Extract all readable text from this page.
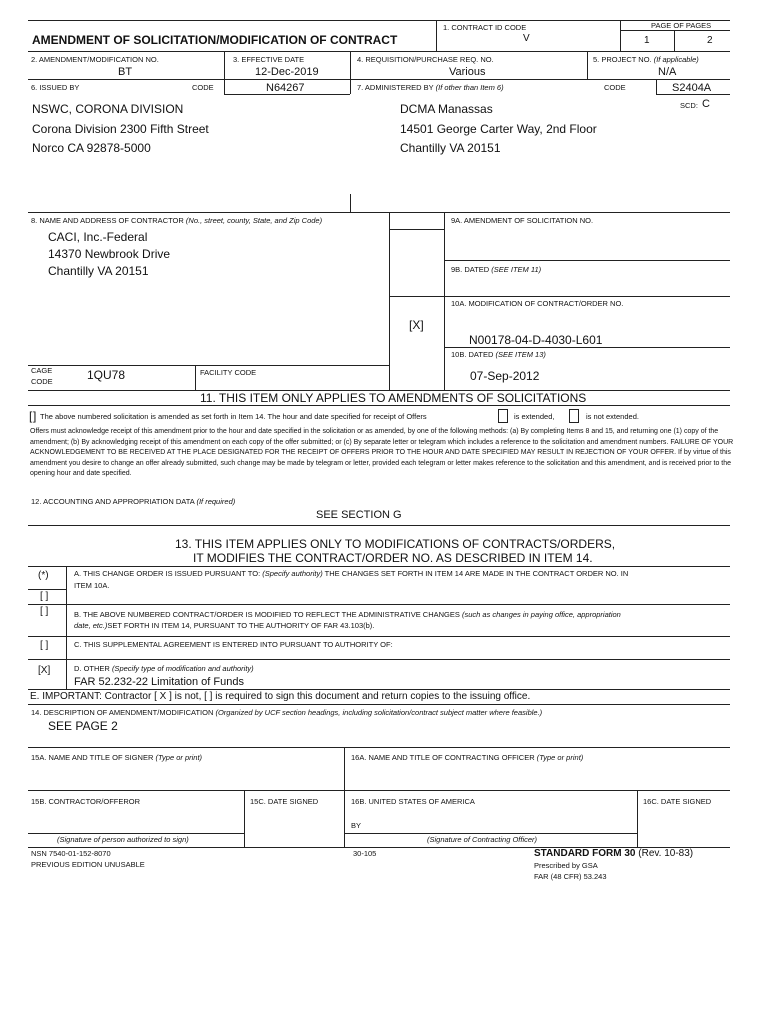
AMENDMENT OF SOLICITATION/MODIFICATION OF CONTRACT
1. CONTRACT ID CODE
V
PAGE OF PAGES
1	2
2. AMENDMENT/MODIFICATION NO.
BT
3. EFFECTIVE DATE
12-Dec-2019
4. REQUISITION/PURCHASE REQ. NO.
Various
5. PROJECT NO. (If applicable)
N/A
6. ISSUED BY	CODE	N64267	7. ADMINISTERED BY (If other than Item 6)	CODE	S2404A
SCD: C
NSWC, CORONA DIVISION
Corona Division 2300 Fifth Street
Norco CA 92878-5000
DCMA Manassas
14501 George Carter Way, 2nd Floor
Chantilly VA 20151
8. NAME AND ADDRESS OF CONTRACTOR (No., street, county, State, and Zip Code)
CACI, Inc.-Federal
14370 Newbrook Drive
Chantilly VA 20151
9A. AMENDMENT OF SOLICITATION NO.
9B. DATED (SEE ITEM 11)
10A. MODIFICATION OF CONTRACT/ORDER NO.
[X]
N00178-04-D-4030-L601
10B. DATED (SEE ITEM 13)
07-Sep-2012
CAGE
CODE	1QU78	FACILITY CODE
11. THIS ITEM ONLY APPLIES TO AMENDMENTS OF SOLICITATIONS
[ ] The above numbered solicitation is amended as set forth in Item 14. The hour and date specified for receipt of Offers	is extended,	is not extended.
Offers must acknowledge receipt of this amendment prior to the hour and date specified in the solicitation or as amended, by one of the following methods: (a) By completing Items 8 and 15, and returning one (1) copy of the amendment; (b) By acknowledging receipt of this amendment on each copy of the offer submitted; or (c) By separate letter or telegram which includes a reference to the solicitation and amendment numbers. FAILURE OF YOUR ACKNOWLEDGEMENT TO BE RECEIVED AT THE PLACE DESIGNATED FOR THE RECEIPT OF OFFERS PRIOR TO THE HOUR AND DATE SPECIFIED MAY RESULT IN REJECTION OF YOUR OFFER. If by virtue of this amendment you desire to change an offer already submitted, such change may be made by telegram or letter, provided each telegram or letter makes reference to the solicitation and this amendment, and is received prior to the opening hour and date specified.
12. ACCOUNTING AND APPROPRIATION DATA (If required)
SEE SECTION G
13. THIS ITEM APPLIES ONLY TO MODIFICATIONS OF CONTRACTS/ORDERS,
IT MODIFIES THE CONTRACT/ORDER NO. AS DESCRIBED IN ITEM 14.
(*)	A. THIS CHANGE ORDER IS ISSUED PURSUANT TO: (Specify authority) THE CHANGES SET FORTH IN ITEM 14 ARE MADE IN THE CONTRACT ORDER NO. IN
ITEM 10A.
[ ]
[ ]	B. THE ABOVE NUMBERED CONTRACT/ORDER IS MODIFIED TO REFLECT THE ADMINISTRATIVE CHANGES (such as changes in paying office, appropriation
date, etc.)SET FORTH IN ITEM 14, PURSUANT TO THE AUTHORITY OF FAR 43.103(b).
[ ]	C. THIS SUPPLEMENTAL AGREEMENT IS ENTERED INTO PURSUANT TO AUTHORITY OF:
[X]	D. OTHER (Specify type of modification and authority)
FAR 52.232-22 Limitation of Funds
E. IMPORTANT: Contractor [ X ] is not, [ ] is required to sign this document and return copies to the issuing office.
14. DESCRIPTION OF AMENDMENT/MODIFICATION (Organized by UCF section headings, including solicitation/contract subject matter where feasible.)
SEE PAGE 2
15A. NAME AND TITLE OF SIGNER (Type or print)	16A. NAME AND TITLE OF CONTRACTING OFFICER (Type or print)
15B. CONTRACTOR/OFFEROR	15C. DATE SIGNED	16B. UNITED STATES OF AMERICA	16C. DATE SIGNED
BY
(Signature of person authorized to sign)	(Signature of Contracting Officer)
NSN 7540-01-152-8070
PREVIOUS EDITION UNUSABLE
30-105	STANDARD FORM 30 (Rev. 10-83)
Prescribed by GSA
FAR (48 CFR) 53.243
